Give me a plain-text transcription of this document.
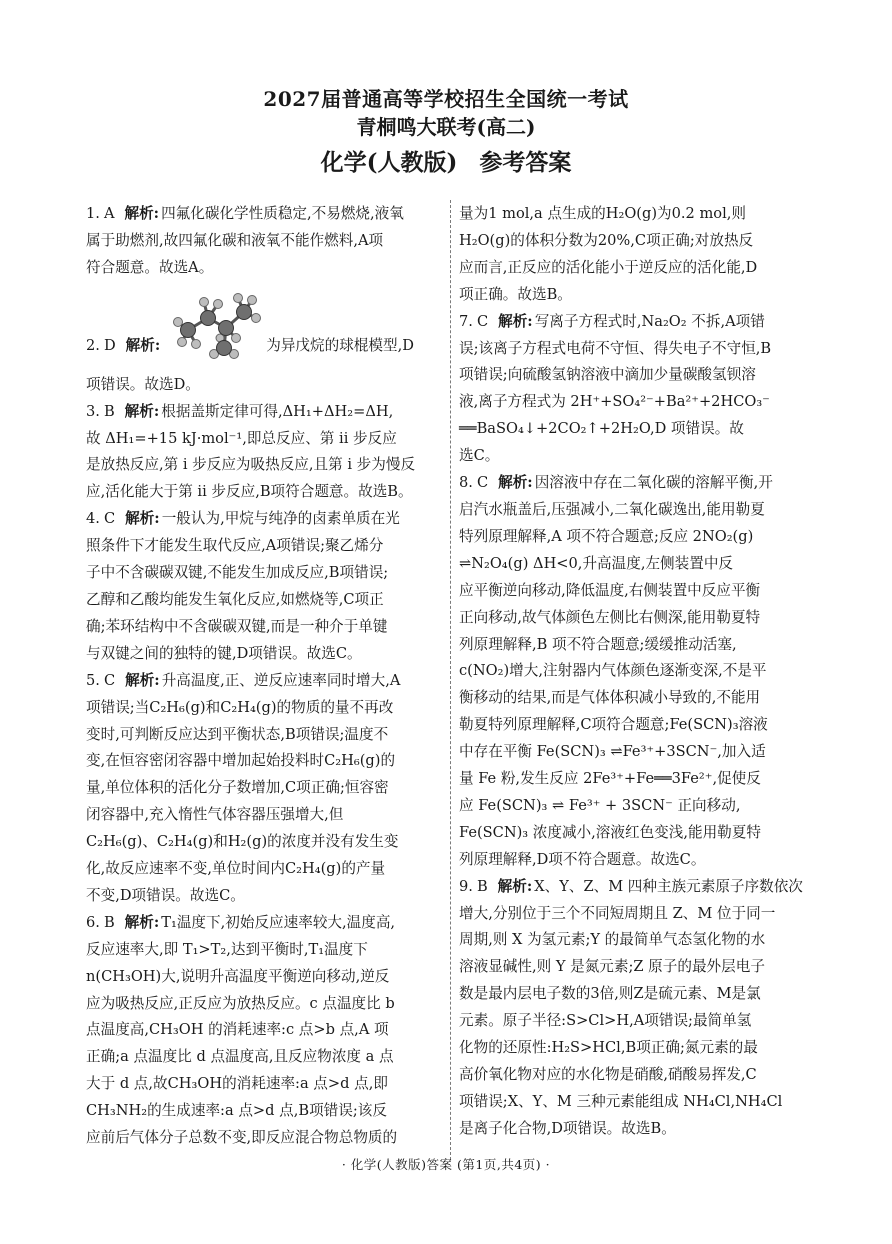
2027届普通高等学校招生全国统一考试
青桐鸣大联考(高二)
化学(人教版) 参考答案
1. A 解析: 四氟化碳化学性质稳定,不易燃烧,液氧
属于助燃剂,故四氟化碳和液氧不能作燃料,A项
符合题意。故选A。
2. D 解析:	为异戊烷的球棍模型,D
项错误。故选D。
3. B 解析: 根据盖斯定律可得,ΔH₁+ΔH₂=ΔH,
故 ΔH₁=+15 kJ·mol⁻¹,即总反应、第 ii 步反应
是放热反应,第 i 步反应为吸热反应,且第 i 步为慢反
应,活化能大于第 ii 步反应,B项符合题意。故选B。
4. C 解析: 一般认为,甲烷与纯净的卤素单质在光
照条件下才能发生取代反应,A项错误;聚乙烯分
子中不含碳碳双键,不能发生加成反应,B项错误;
乙醇和乙酸均能发生氧化反应,如燃烧等,C项正
确;苯环结构中不含碳碳双键,而是一种介于单键
与双键之间的独特的键,D项错误。故选C。
5. C 解析: 升高温度,正、逆反应速率同时增大,A
项错误;当C₂H₆(g)和C₂H₄(g)的物质的量不再改
变时,可判断反应达到平衡状态,B项错误;温度不
变,在恒容密闭容器中增加起始投料时C₂H₆(g)的
量,单位体积的活化分子数增加,C项正确;恒容密
闭容器中,充入惰性气体容器压强增大,但
C₂H₆(g)、C₂H₄(g)和H₂(g)的浓度并没有发生变
化,故反应速率不变,单位时间内C₂H₄(g)的产量
不变,D项错误。故选C。
6. B 解析: T₁温度下,初始反应速率较大,温度高,
反应速率大,即 T₁>T₂,达到平衡时,T₁温度下
n(CH₃OH)大,说明升高温度平衡逆向移动,逆反
应为吸热反应,正反应为放热反应。c 点温度比 b
点温度高,CH₃OH 的消耗速率:c 点>b 点,A 项
正确;a 点温度比 d 点温度高,且反应物浓度 a 点
大于 d 点,故CH₃OH的消耗速率:a 点>d 点,即
CH₃NH₂的生成速率:a 点>d 点,B项错误;该反
应前后气体分子总数不变,即反应混合物总物质的
量为1 mol,a 点生成的H₂O(g)为0.2 mol,则
H₂O(g)的体积分数为20%,C项正确;对放热反
应而言,正反应的活化能小于逆反应的活化能,D
项正确。故选B。
7. C 解析: 写离子方程式时,Na₂O₂ 不拆,A项错
误;该离子方程式电荷不守恒、得失电子不守恒,B
项错误;向硫酸氢钠溶液中滴加少量碳酸氢钡溶
液,离子方程式为 2H⁺+SO₄²⁻+Ba²⁺+2HCO₃⁻
══BaSO₄↓+2CO₂↑+2H₂O,D 项错误。故
选C。
8. C 解析: 因溶液中存在二氧化碳的溶解平衡,开
启汽水瓶盖后,压强减小,二氧化碳逸出,能用勒夏
特列原理解释,A 项不符合题意;反应 2NO₂(g)
⇌N₂O₄(g) ΔH<0,升高温度,左侧装置中反
应平衡逆向移动,降低温度,右侧装置中反应平衡
正向移动,故气体颜色左侧比右侧深,能用勒夏特
列原理解释,B 项不符合题意;缓缓推动活塞,
c(NO₂)增大,注射器内气体颜色逐渐变深,不是平
衡移动的结果,而是气体体积减小导致的,不能用
勒夏特列原理解释,C项符合题意;Fe(SCN)₃溶液
中存在平衡 Fe(SCN)₃ ⇌Fe³⁺+3SCN⁻,加入适
量 Fe 粉,发生反应 2Fe³⁺+Fe══3Fe²⁺,促使反
应 Fe(SCN)₃ ⇌ Fe³⁺ + 3SCN⁻ 正向移动,
Fe(SCN)₃ 浓度减小,溶液红色变浅,能用勒夏特
列原理解释,D项不符合题意。故选C。
9. B 解析: X、Y、Z、M 四种主族元素原子序数依次
增大,分别位于三个不同短周期且 Z、M 位于同一
周期,则 X 为氢元素;Y 的最简单气态氢化物的水
溶液显碱性,则 Y 是氮元素;Z 原子的最外层电子
数是最内层电子数的3倍,则Z是硫元素、M是氯
元素。原子半径:S>Cl>H,A项错误;最简单氢
化物的还原性:H₂S>HCl,B项正确;氮元素的最
高价氧化物对应的水化物是硝酸,硝酸易挥发,C
项错误;X、Y、M 三种元素能组成 NH₄Cl,NH₄Cl
是离子化合物,D项错误。故选B。
· 化学(人教版)答案 (第1页,共4页) ·
